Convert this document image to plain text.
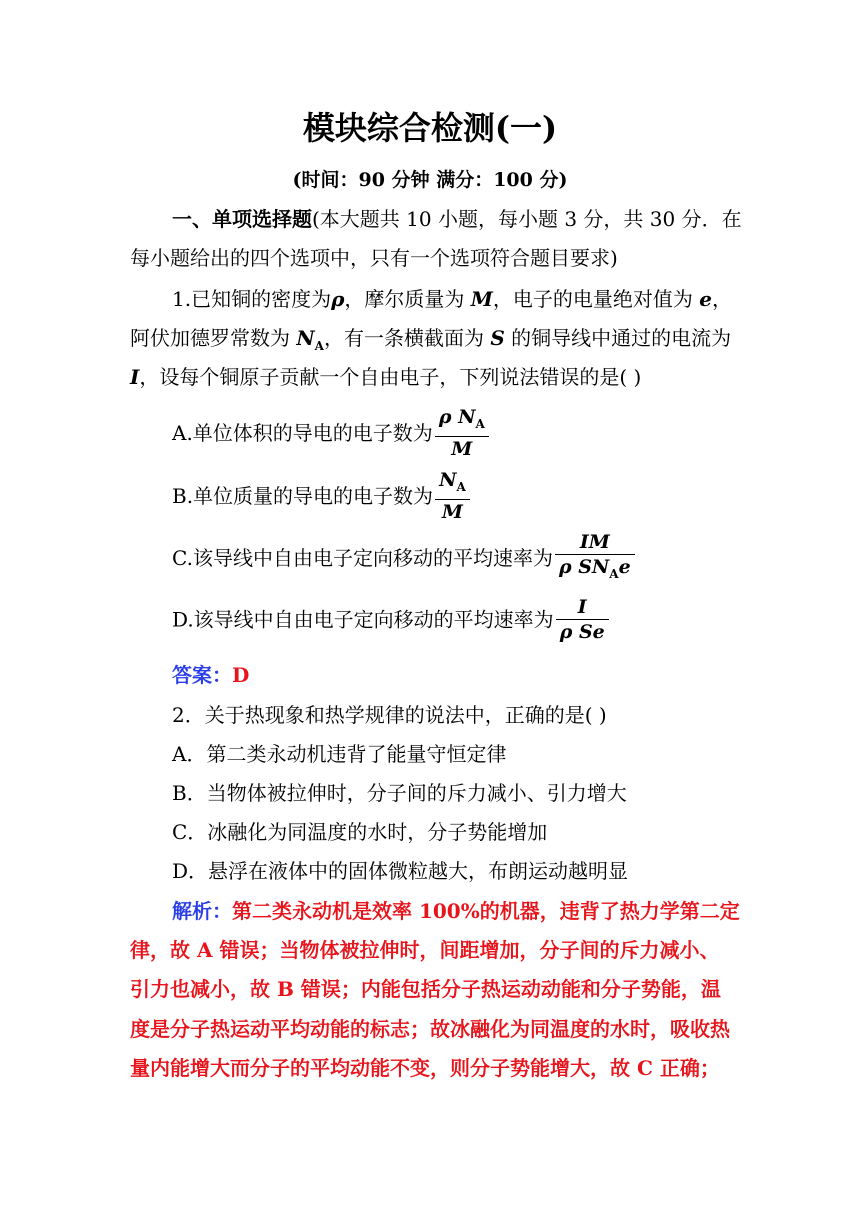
模块综合检测(一)
(时间：90 分钟 满分：100 分)
一、单项选择题(本大题共 10 小题，每小题 3 分，共 30 分．在
每小题给出的四个选项中，只有一个选项符合题目要求)
1.已知铜的密度为ρ，摩尔质量为 M，电子的电量绝对值为 e，
阿伏加德罗常数为 $N_A$，有一条横截面为 S 的铜导线中通过的电流为
I，设每个铜原子贡献一个自由电子，下列说法错误的是( )
A.单位体积的导电的电子数为 $\frac{\rho N_A}{M}$
B.单位质量的导电的电子数为 $\frac{N_A}{M}$
C.该导线中自由电子定向移动的平均速率为 $\frac{IM}{\rho SN_Ae}$
D.该导线中自由电子定向移动的平均速率为 $\frac{I}{\text{ρ Se}}$
答案：D
2．关于热现象和热学规律的说法中，正确的是( )
A．第二类永动机违背了能量守恒定律
B．当物体被拉伸时，分子间的斥力减小、引力增大
C．冰融化为同温度的水时，分子势能增加
D．悬浮在液体中的固体微粒越大，布朗运动越明显
解析：第二类永动机是效率 100%的机器，违背了热力学第二定
律，故 A 错误；当物体被拉伸时，间距增加，分子间的斥力减小、
引力也减小，故 B 错误；内能包括分子热运动动能和分子势能，温
度是分子热运动平均动能的标志；故冰融化为同温度的水时，吸收热
量内能增大而分子的平均动能不变，则分子势能增大，故 C 正确；
